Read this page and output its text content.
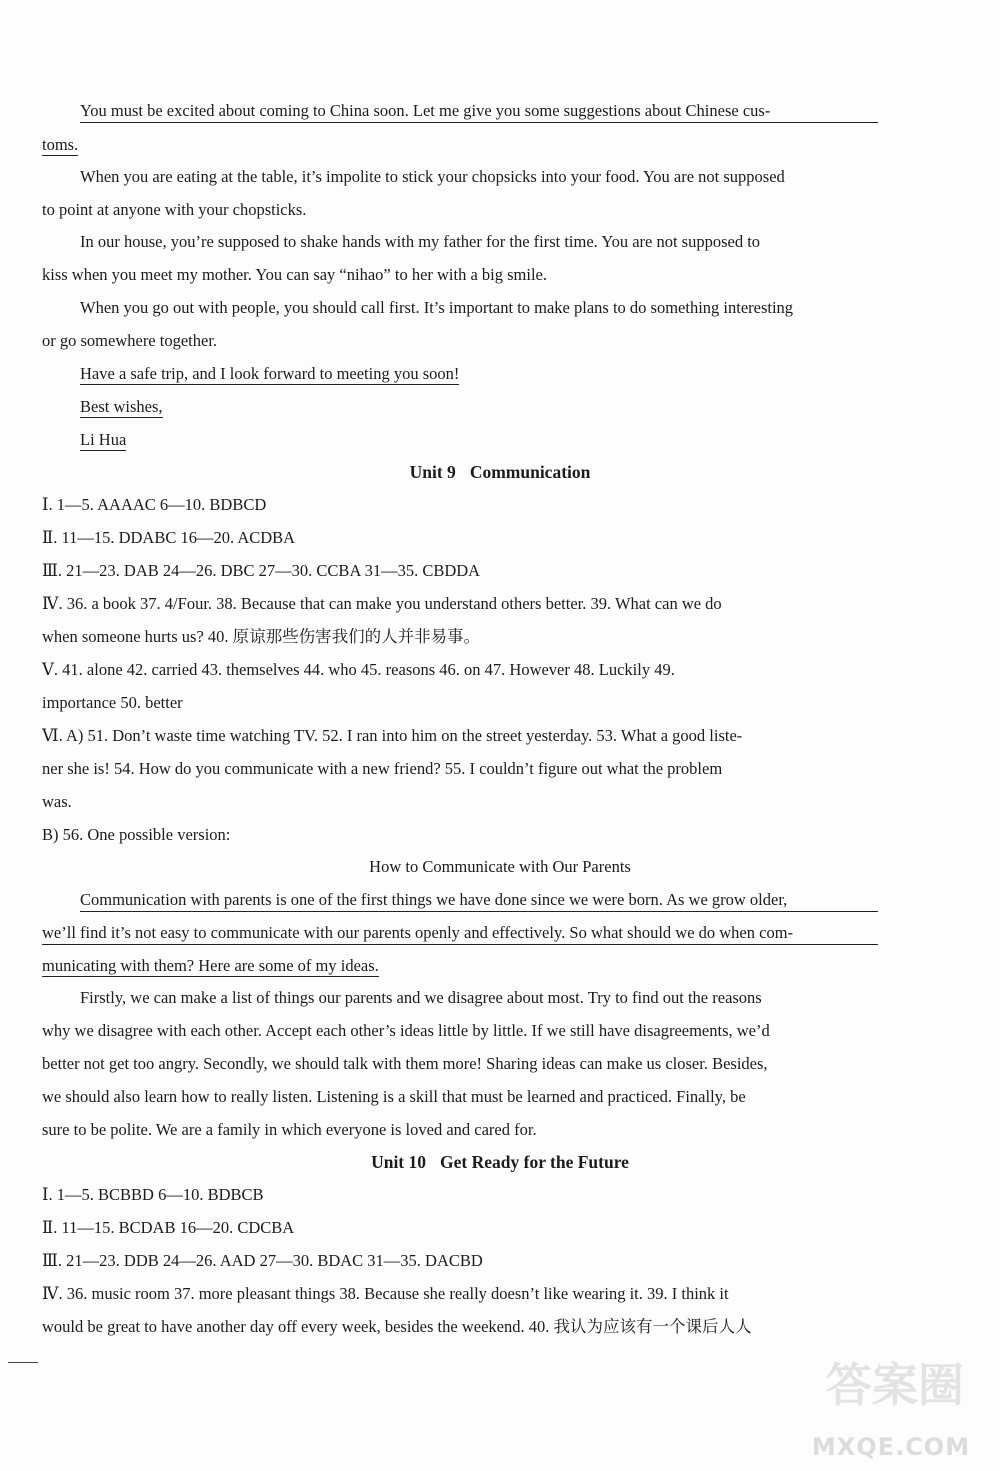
You must be excited about coming to China soon. Let me give you some suggestions about Chinese cus-
toms.
When you are eating at the table, it’s impolite to stick your chopsicks into your food. You are not supposed
to point at anyone with your chopsticks.
In our house, you’re supposed to shake hands with my father for the first time. You are not supposed to
kiss when you meet my mother. You can say “nihao” to her with a big smile.
When you go out with people, you should call first. It’s important to make plans to do something interesting
or go somewhere together.
Have a safe trip, and I look forward to meeting you soon!
Best wishes,
Li Hua
Unit 9 Communication
Ⅰ. 1—5. AAAAC 6—10. BDBCD
Ⅱ. 11—15. DDABC 16—20. ACDBA
Ⅲ. 21—23. DAB 24—26. DBC 27—30. CCBA 31—35. CBDDA
Ⅳ. 36. a book 37. 4/Four. 38. Because that can make you understand others better. 39. What can we do
when someone hurts us? 40. 原谅那些伤害我们的人并非易事。
Ⅴ. 41. alone 42. carried 43. themselves 44. who 45. reasons 46. on 47. However 48. Luckily 49.
importance 50. better
Ⅵ. A) 51. Don’t waste time watching TV. 52. I ran into him on the street yesterday. 53. What a good liste-
ner she is! 54. How do you communicate with a new friend? 55. I couldn’t figure out what the problem
was.
B) 56. One possible version:
How to Communicate with Our Parents
Communication with parents is one of the first things we have done since we were born. As we grow older,
we’ll find it’s not easy to communicate with our parents openly and effectively. So what should we do when com-
municating with them? Here are some of my ideas.
Firstly, we can make a list of things our parents and we disagree about most. Try to find out the reasons
why we disagree with each other. Accept each other’s ideas little by little. If we still have disagreements, we’d
better not get too angry. Secondly, we should talk with them more! Sharing ideas can make us closer. Besides,
we should also learn how to really listen. Listening is a skill that must be learned and practiced. Finally, be
sure to be polite. We are a family in which everyone is loved and cared for.
Unit 10 Get Ready for the Future
Ⅰ. 1—5. BCBBD 6—10. BDBCB
Ⅱ. 11—15. BCDAB 16—20. CDCBA
Ⅲ. 21—23. DDB 24—26. AAD 27—30. BDAC 31—35. DACBD
Ⅳ. 36. music room 37. more pleasant things 38. Because she really doesn’t like wearing it. 39. I think it
would be great to have another day off every week, besides the weekend. 40. 我认为应该有一个课后人人
答案圈
MXQE.COM
